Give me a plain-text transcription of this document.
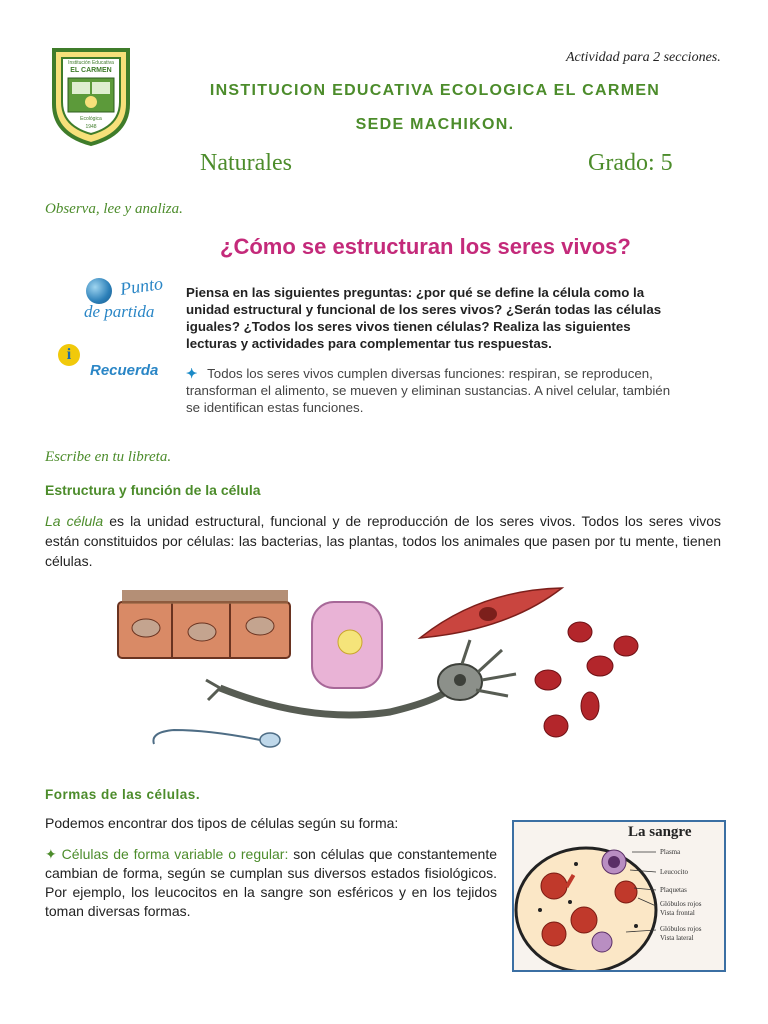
Institución Educativa
EL CARMEN
Ecológica
1948
Actividad para 2 secciones.
INSTITUCION EDUCATIVA ECOLOGICA EL CARMEN
SEDE MACHIKON.
Naturales	Grado: 5
Observa, lee y analiza.
¿Cómo se estructuran los seres vivos?
Punto
de partida
Piensa en las siguientes preguntas: ¿por qué se define la célula como la unidad estructural y funcional de los seres vivos? ¿Serán todas las células iguales? ¿Todos los seres vivos tienen células? Realiza las siguientes lecturas y actividades para complementar tus respuestas.
i
Recuerda ✦ Todos los seres vivos cumplen diversas funciones: respiran, se reproducen, transforman el alimento, se mueven y eliminan sustancias. A nivel celular, también se identifican estas funciones.
Escribe en tu libreta.
Estructura y función de la célula
La célula es la unidad estructural, funcional y de reproducción de los seres vivos. Todos los seres vivos están constituidos por células: las bacterias, las plantas, todos los animales que pasen por tu mente, tienen células.
Formas de las células.
Podemos encontrar dos tipos de células según su forma:
✦ Células de forma variable o regular: son células que constantemente cambian de forma, según se cumplan sus diversos estados fisiológicos. Por ejemplo, los leucocitos en la sangre son esféricos y en los tejidos toman diversas formas.
La sangre
Plasma
Leucocito
Plaquetas
Glóbulos rojos
Vista frontal
Glóbulos rojos
Vista lateral
